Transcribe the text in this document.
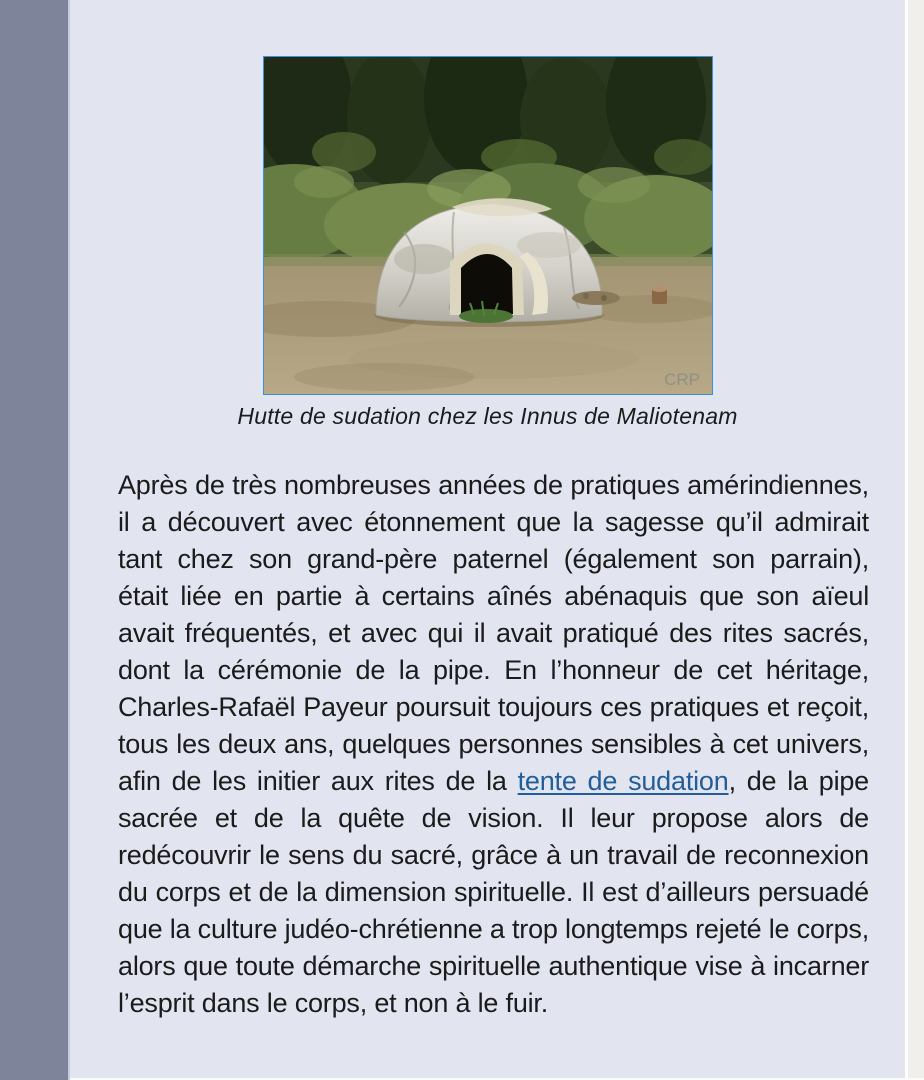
CRP
Hutte de sudation chez les Innus de Maliotenam

Après de très nombreuses années de pratiques amérindiennes, il a découvert avec étonnement que la sagesse qu’il admirait tant chez son grand-père paternel (également son parrain), était liée en partie à certains aînés abénaquis que son aïeul avait fréquentés, et avec qui il avait pratiqué des rites sacrés, dont la cérémonie de la pipe. En l’honneur de cet héritage, Charles-Rafaël Payeur poursuit toujours ces pratiques et reçoit, tous les deux ans, quelques personnes sensibles à cet univers, afin de les initier aux rites de la tente de sudation, de la pipe sacrée et de la quête de vision. Il leur propose alors de redécouvrir le sens du sacré, grâce à un travail de reconnexion du corps et de la dimension spirituelle. Il est d’ailleurs persuadé que la culture judéo-chrétienne a trop longtemps rejeté le corps, alors que toute démarche spirituelle authentique vise à incarner l’esprit dans le corps, et non à le fuir.
